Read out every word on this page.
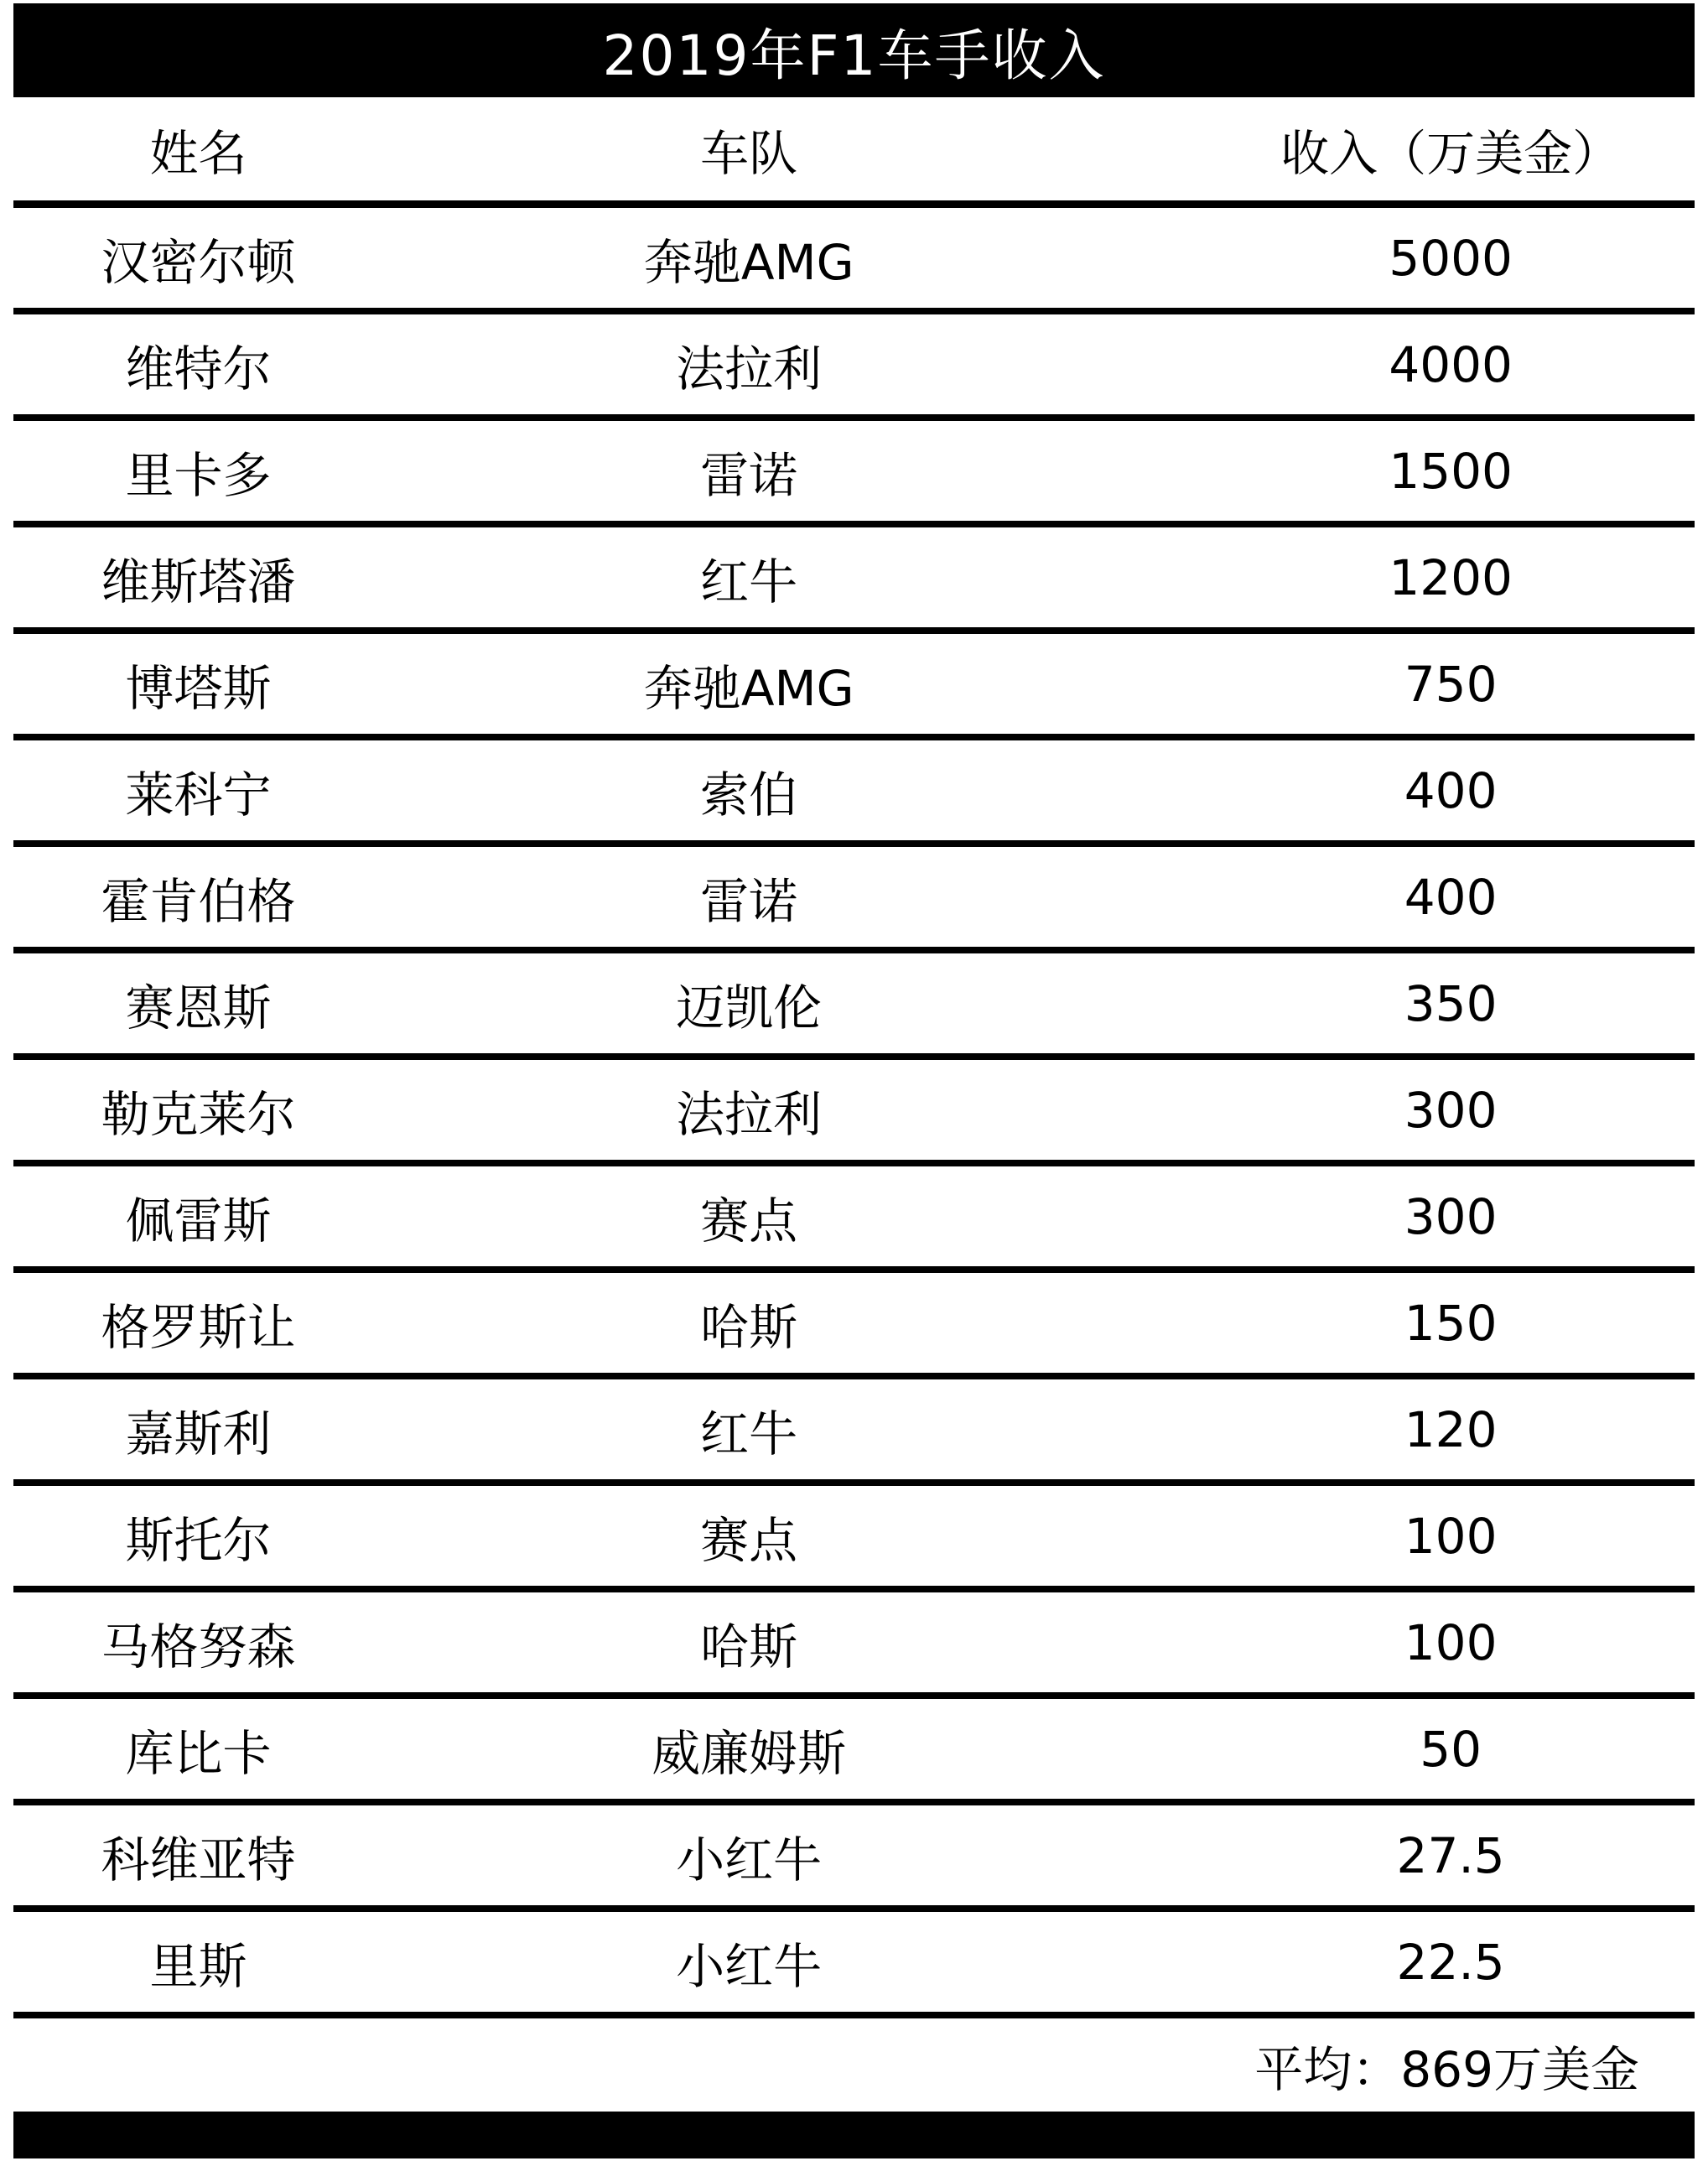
2019年F1车手收入
姓名	车队	收入（万美金）
汉密尔顿	奔驰AMG	5000
维特尔	法拉利	4000
里卡多	雷诺	1500
维斯塔潘	红牛	1200
博塔斯	奔驰AMG	750
莱科宁	索伯	400
霍肯伯格	雷诺	400
赛恩斯	迈凯伦	350
勒克莱尔	法拉利	300
佩雷斯	赛点	300
格罗斯让	哈斯	150
嘉斯利	红牛	120
斯托尔	赛点	100
马格努森	哈斯	100
库比卡	威廉姆斯	50
科维亚特	小红牛	27.5
里斯	小红牛	22.5
平均：869万美金
